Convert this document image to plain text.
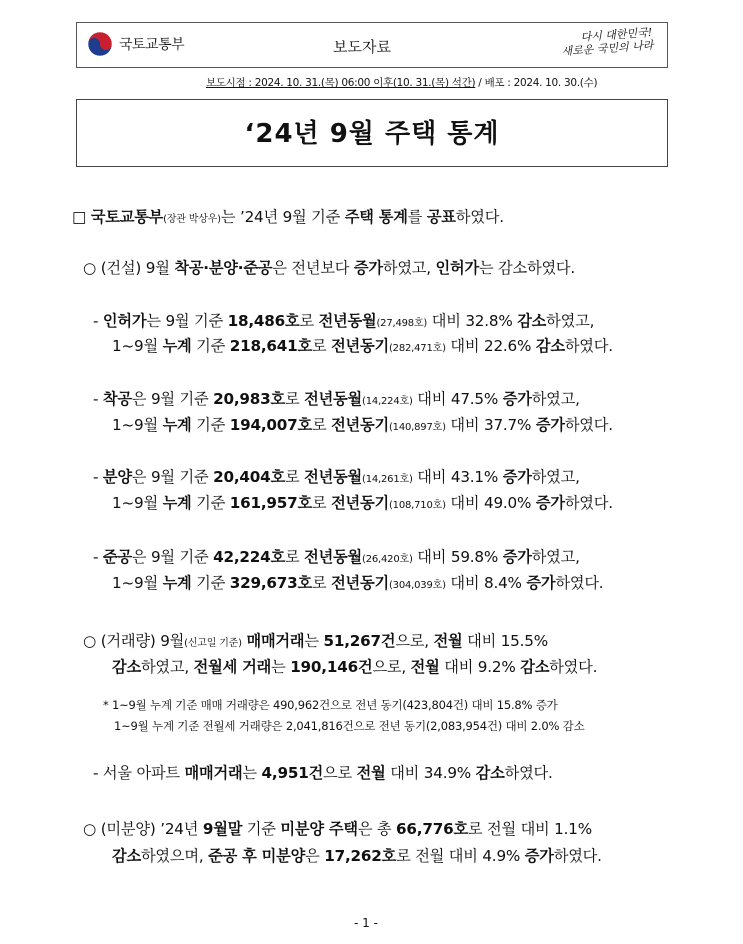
국토교통부	보도자료
다시 대한민국!
새로운 국민의 나라
보도시점 : 2024. 10. 31.(목) 06:00 이후(10. 31.(목) 석간) / 배포 : 2024. 10. 30.(수)
‘24년 9월 주택 통계
□ 국토교통부(장관 박상우)는 ’24년 9월 기준 주택 통계를 공표하였다.
○ (건설) 9월 착공·분양·준공은 전년보다 증가하였고, 인허가는 감소하였다.
- 인허가는 9월 기준 18,486호로 전년동월(27,498호) 대비 32.8% 감소하였고,
1~9월 누계 기준 218,641호로 전년동기(282,471호) 대비 22.6% 감소하였다.
- 착공은 9월 기준 20,983호로 전년동월(14,224호) 대비 47.5% 증가하였고,
1~9월 누계 기준 194,007호로 전년동기(140,897호) 대비 37.7% 증가하였다.
- 분양은 9월 기준 20,404호로 전년동월(14,261호) 대비 43.1% 증가하였고,
1~9월 누계 기준 161,957호로 전년동기(108,710호) 대비 49.0% 증가하였다.
- 준공은 9월 기준 42,224호로 전년동월(26,420호) 대비 59.8% 증가하였고,
1~9월 누계 기준 329,673호로 전년동기(304,039호) 대비 8.4% 증가하였다.
○ (거래량) 9월(신고일 기준) 매매거래는 51,267건으로, 전월 대비 15.5%
감소하였고, 전월세 거래는 190,146건으로, 전월 대비 9.2% 감소하였다.
* 1~9월 누계 기준 매매 거래량은 490,962건으로 전년 동기(423,804건) 대비 15.8% 증가
1~9월 누계 기준 전월세 거래량은 2,041,816건으로 전년 동기(2,083,954건) 대비 2.0% 감소
- 서울 아파트 매매거래는 4,951건으로 전월 대비 34.9% 감소하였다.
○ (미분양) ’24년 9월말 기준 미분양 주택은 총 66,776호로 전월 대비 1.1%
감소하였으며, 준공 후 미분양은 17,262호로 전월 대비 4.9% 증가하였다.
- 1 -
